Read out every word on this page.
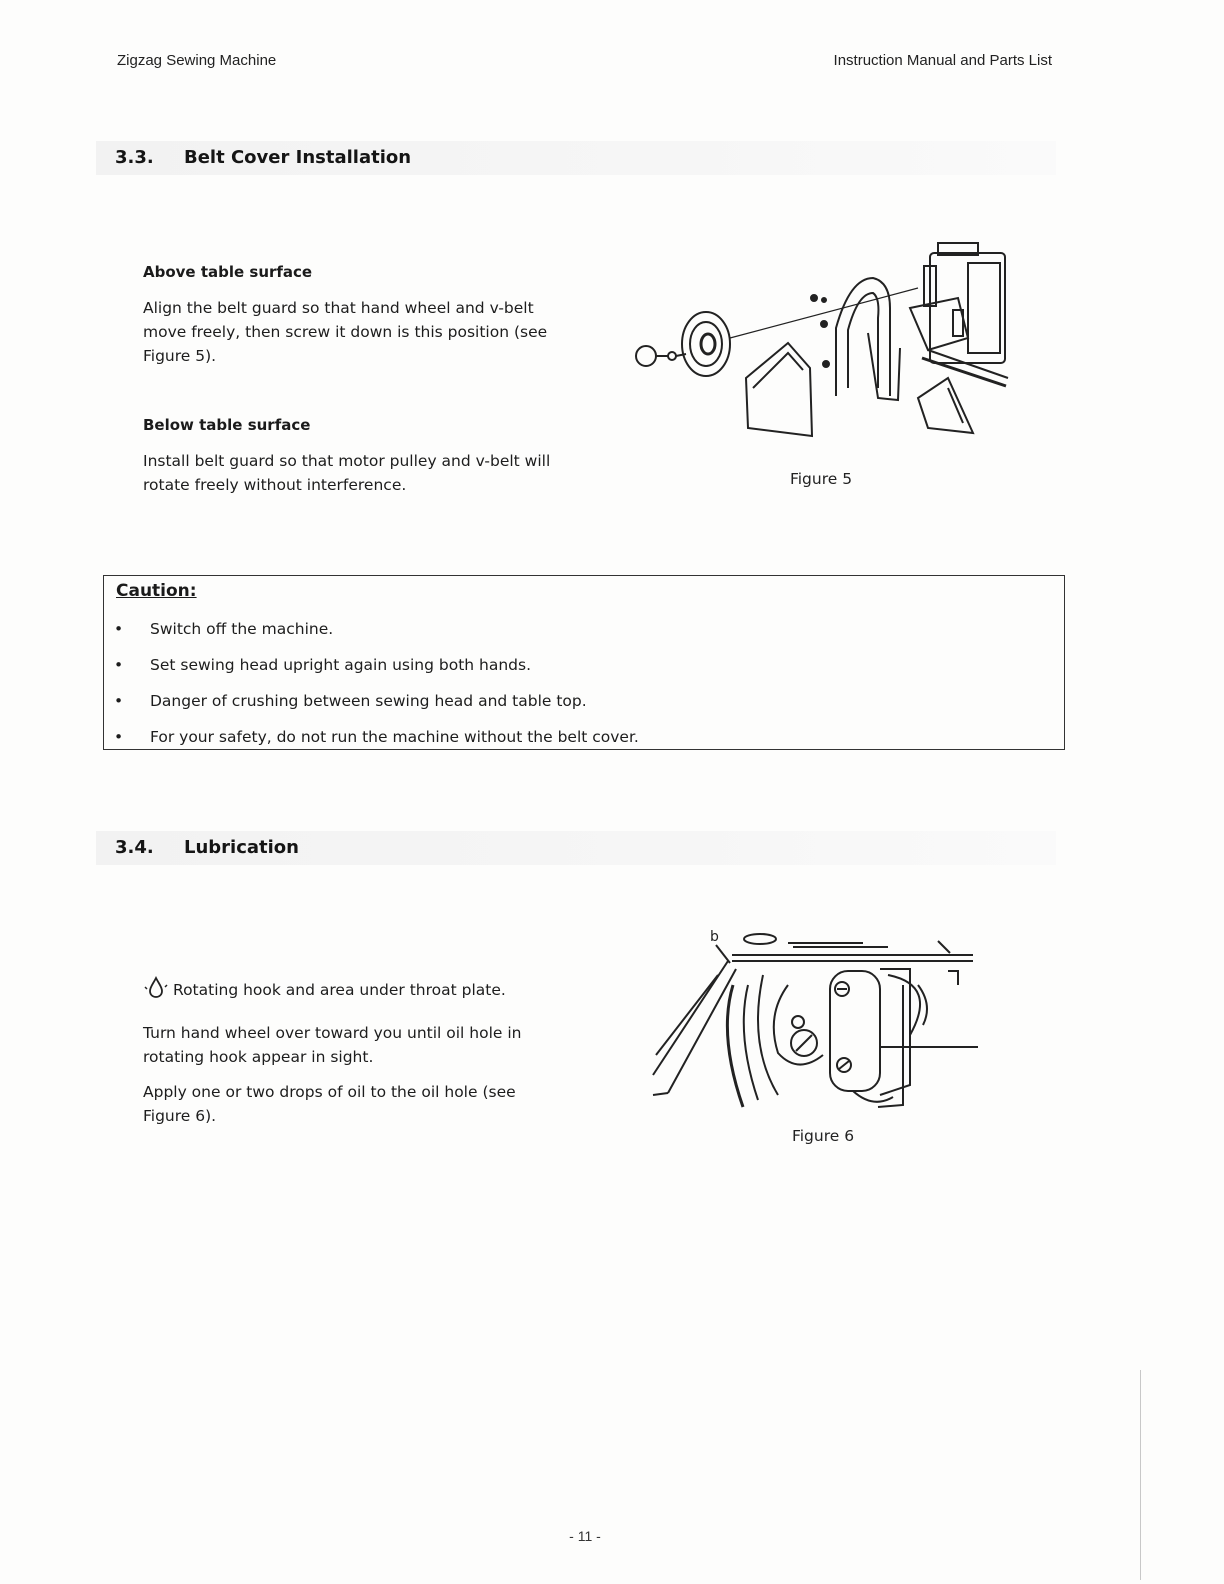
Zigzag Sewing Machine	Instruction Manual and Parts List
3.3. Belt Cover Installation
Above table surface
Align the belt guard so that hand wheel and v-belt move freely, then screw it down is this position (see Figure 5).
Below table surface
Install belt guard so that motor pulley and v-belt will rotate freely without interference.	Figure 5
Caution:
• Switch off the machine.
• Set sewing head upright again using both hands.
• Danger of crushing between sewing head and table top.
• For your safety, do not run the machine without the belt cover.
3.4. Lubrication
Rotating hook and area under throat plate.
Turn hand wheel over toward you until oil hole in rotating hook appear in sight.
Apply one or two drops of oil to the oil hole (see Figure 6).
b
Figure 6
- 11 -
